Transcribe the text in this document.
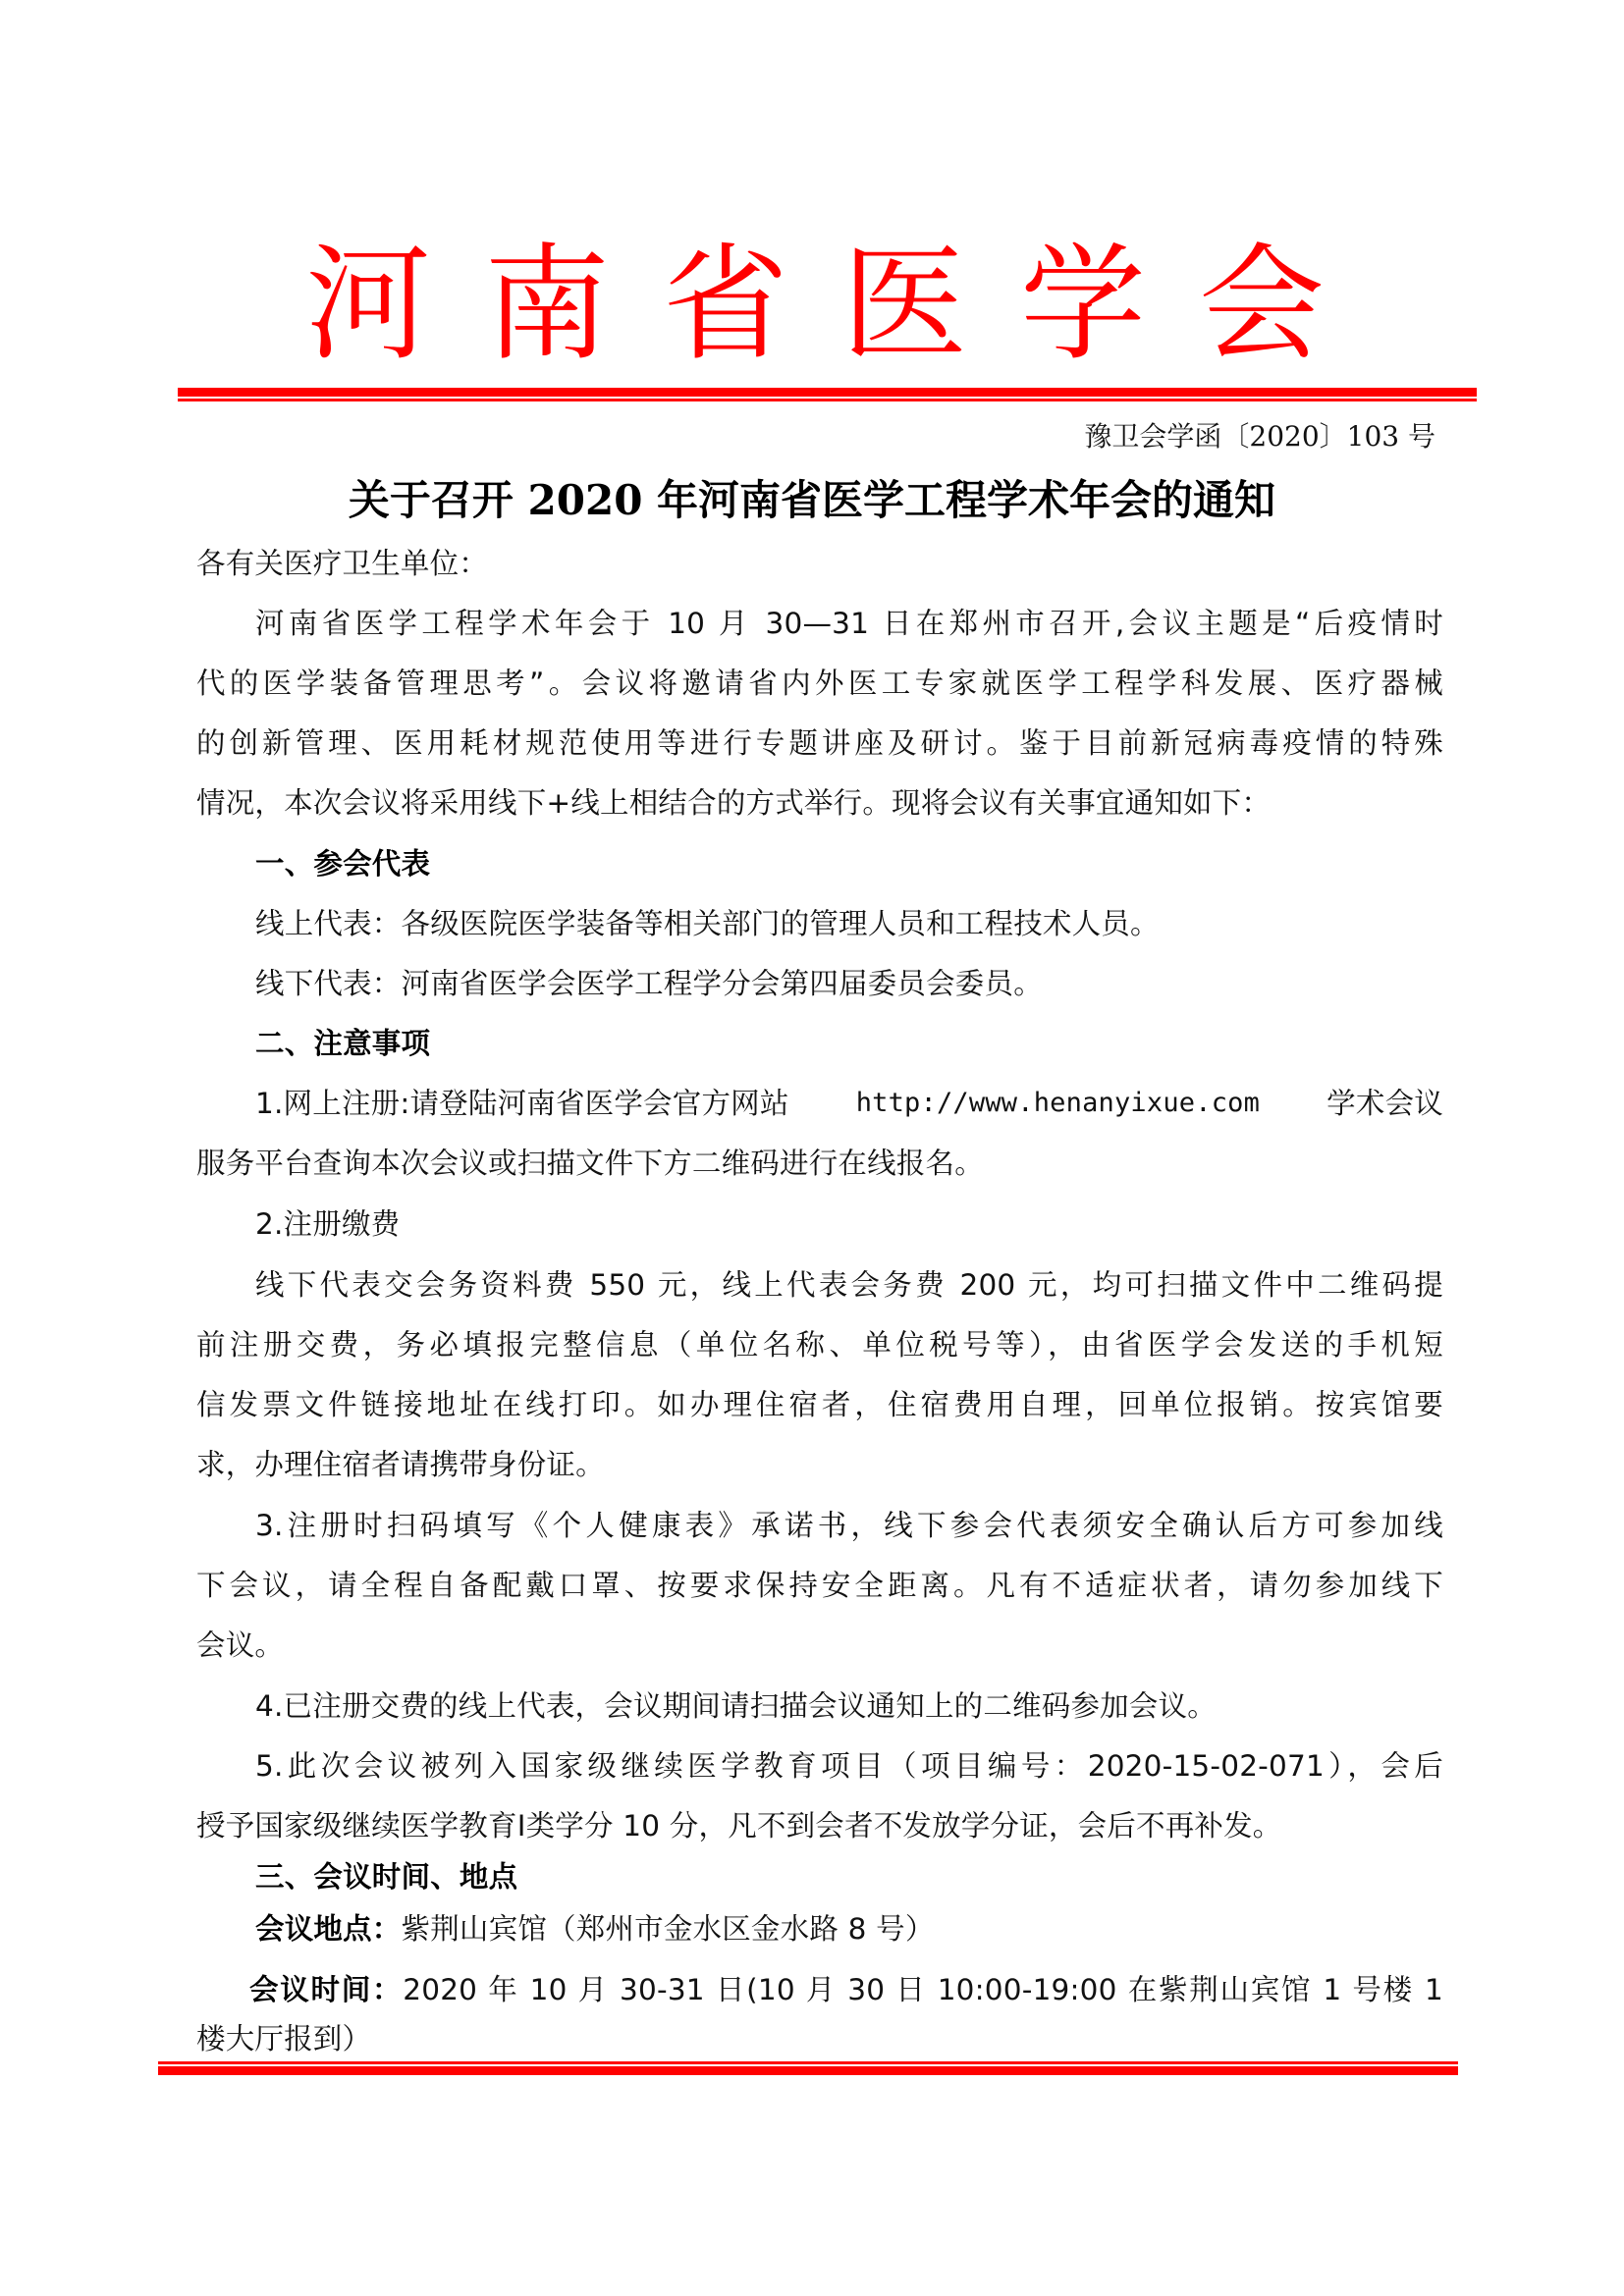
河 南 省 医 学 会
豫卫会学函〔2020〕103 号
关于召开 2020 年河南省医学工程学术年会的通知
各有关医疗卫生单位：
河南省医学工程学术年会于 10 月 30—31 日在郑州市召开,会议主题是“后疫情时
代的医学装备管理思考”。会议将邀请省内外医工专家就医学工程学科发展、医疗器械
的创新管理、医用耗材规范使用等进行专题讲座及研讨。鉴于目前新冠病毒疫情的特殊
情况，本次会议将采用线下+线上相结合的方式举行。现将会议有关事宜通知如下：
一、参会代表
线上代表：各级医院医学装备等相关部门的管理人员和工程技术人员。
线下代表：河南省医学会医学工程学分会第四届委员会委员。
二、注意事项
1.网上注册:请登陆河南省医学会官方网站	http://www.henanyixue.com 学术会议
服务平台查询本次会议或扫描文件下方二维码进行在线报名。
2.注册缴费
线下代表交会务资料费 550 元，线上代表会务费 200 元，均可扫描文件中二维码提
前注册交费，务必填报完整信息（单位名称、单位税号等），由省医学会发送的手机短
信发票文件链接地址在线打印。如办理住宿者，住宿费用自理，回单位报销。按宾馆要
求，办理住宿者请携带身份证。
3.注册时扫码填写《个人健康表》承诺书，线下参会代表须安全确认后方可参加线
下会议，请全程自备配戴口罩、按要求保持安全距离。凡有不适症状者，请勿参加线下
会议。
4.已注册交费的线上代表，会议期间请扫描会议通知上的二维码参加会议。
5.此次会议被列入国家级继续医学教育项目（项目编号：2020-15-02-071），会后
授予国家级继续医学教育Ⅰ类学分 10 分，凡不到会者不发放学分证，会后不再补发。
三、会议时间、地点
会议地点：紫荆山宾馆（郑州市金水区金水路 8 号）
会议时间：2020 年 10 月 30-31 日(10 月 30 日 10:00-19:00 在紫荆山宾馆 1 号楼 1
楼大厅报到）
